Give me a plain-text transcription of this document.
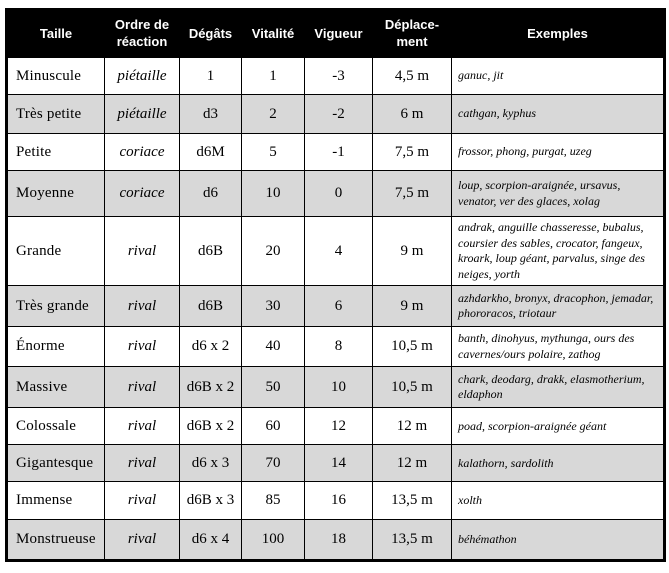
Taille	Ordre de réaction	Dégâts	Vitalité	Vigueur	Déplace-ment	Exemples
Minuscule	piétaille	1	1	-3	4,5 m	ganuc, jit
Très petite	piétaille	d3	2	-2	6 m	cathgan, kyphus
Petite	coriace	d6M	5	-1	7,5 m	frossor, phong, purgat, uzeg
Moyenne	coriace	d6	10	0	7,5 m	loup, scorpion-araignée, ursavus, venator, ver des glaces, xolag
Grande	rival	d6B	20	4	9 m	andrak, anguille chasseresse, bubalus, coursier des sables, crocator, fangeux, kroark, loup géant, parvalus, singe des neiges, yorth
Très grande	rival	d6B	30	6	9 m	azhdarkho, bronyx, dracophon, jemadar, phororacos, triotaur
Énorme	rival	d6 x 2	40	8	10,5 m	banth, dinohyus, mythunga, ours des cavernes/ours polaire, zathog
Massive	rival	d6B x 2	50	10	10,5 m	chark, deodarg, drakk, elasmotherium, eldaphon
Colossale	rival	d6B x 2	60	12	12 m	poad, scorpion-araignée géant
Gigantesque	rival	d6 x 3	70	14	12 m	kalathorn, sardolith
Immense	rival	d6B x 3	85	16	13,5 m	xolth
Monstrueuse	rival	d6 x 4	100	18	13,5 m	béhémathon
